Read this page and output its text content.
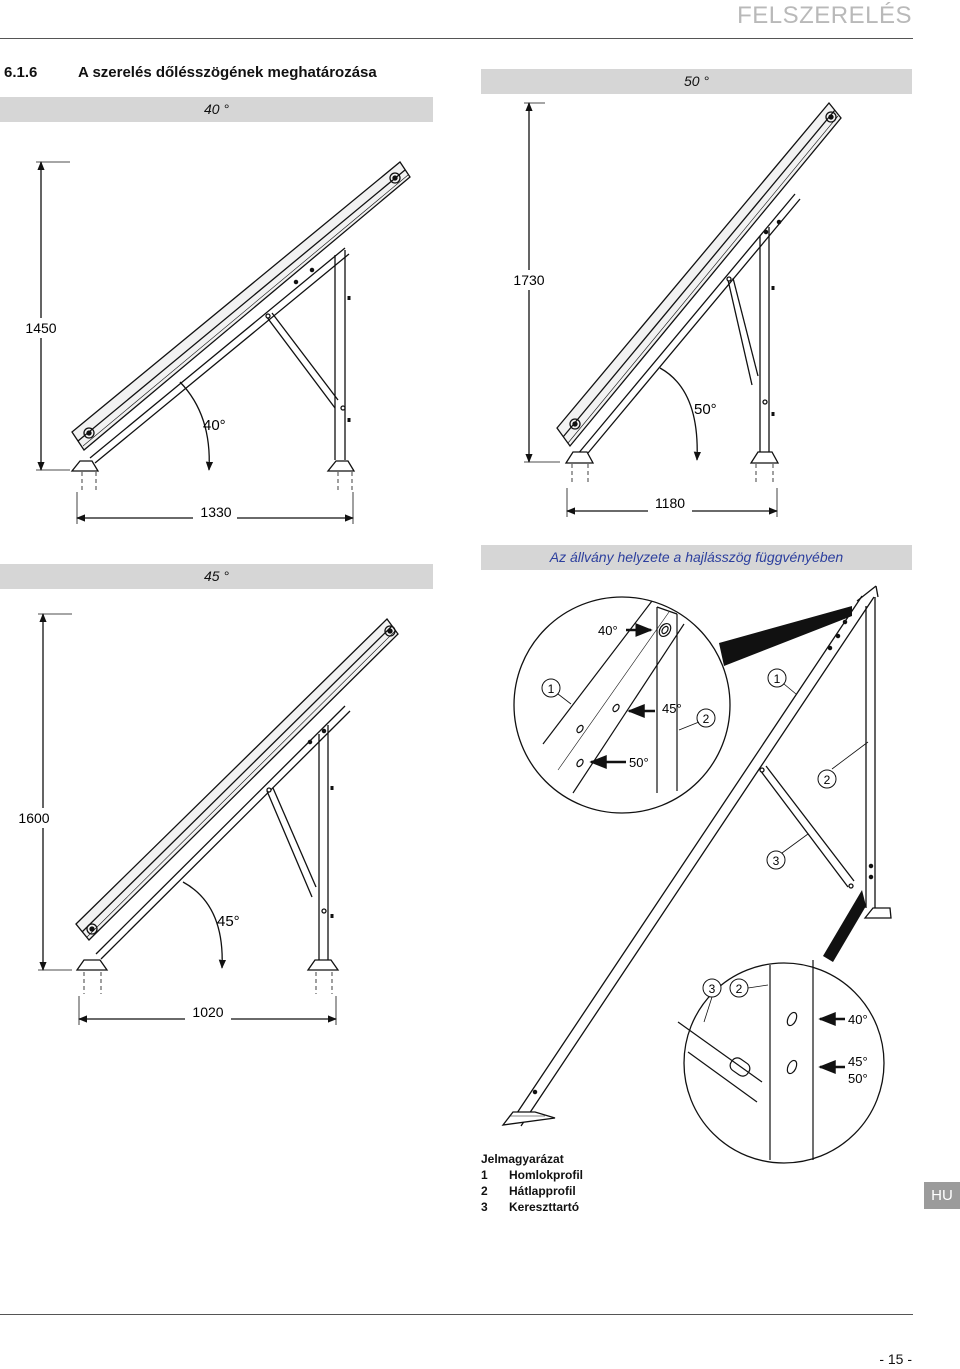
FELSZERELÉS
6.1.6	A szerelés dőlésszögének meghatározása	50 °
40 °
45 °
Az állvány helyzete a hajlásszög függvényében
1450
1330
40°
1730
1180
50°
1600
1020
45°
1
2
3
40°
45°
50°
1
2
3 2
40°
45°
50°
Jelmagyarázat
1	Homlokprofil
2	Hátlapprofil
3	Kereszttartó
HU
- 15 -
